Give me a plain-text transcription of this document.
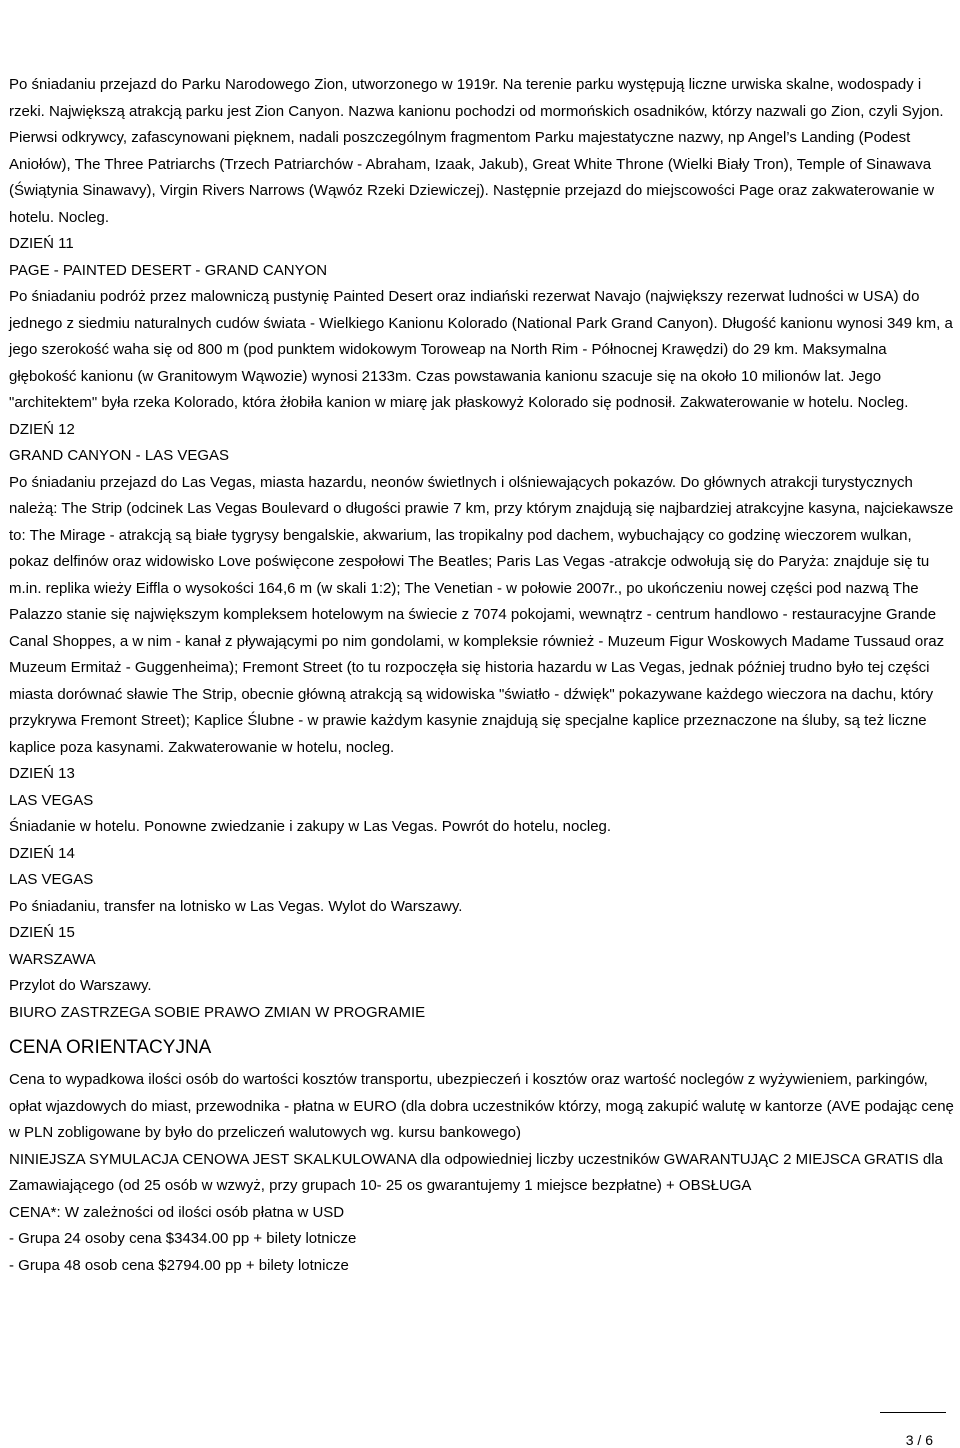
Po śniadaniu przejazd do Parku Narodowego Zion, utworzonego w 1919r. Na terenie parku występują liczne urwiska skalne, wodospady i rzeki. Największą atrakcją parku jest Zion Canyon. Nazwa kanionu pochodzi od mormońskich osadników, którzy nazwali go Zion, czyli Syjon. Pierwsi odkrywcy, zafascynowani pięknem, nadali poszczególnym fragmentom Parku majestatyczne nazwy, np Angel’s Landing (Podest Aniołów), The Three Patriarchs (Trzech Patriarchów - Abraham, Izaak, Jakub), Great White Throne (Wielki Biały Tron), Temple of Sinawava (Świątynia Sinawavy), Virgin Rivers Narrows (Wąwóz Rzeki Dziewiczej). Następnie przejazd do miejscowości Page oraz zakwaterowanie w hotelu. Nocleg.

DZIEŃ 11

PAGE - PAINTED DESERT - GRAND CANYON

Po śniadaniu podróż przez malowniczą pustynię Painted Desert oraz indiański rezerwat Navajo (największy rezerwat ludności w USA) do jednego z siedmiu naturalnych cudów świata - Wielkiego Kanionu Kolorado (National Park Grand Canyon). Długość kanionu wynosi 349 km, a jego szerokość waha się od 800 m (pod punktem widokowym Toroweap na North Rim - Północnej Krawędzi) do 29 km. Maksymalna głębokość kanionu (w Granitowym Wąwozie) wynosi 2133m. Czas powstawania kanionu szacuje się na około 10 milionów lat. Jego "architektem" była rzeka Kolorado, która żłobiła kanion w miarę jak płaskowyż Kolorado się podnosił. Zakwaterowanie w hotelu. Nocleg.

DZIEŃ 12

GRAND CANYON - LAS VEGAS

Po śniadaniu przejazd do Las Vegas, miasta hazardu, neonów świetlnych i olśniewających pokazów. Do głównych atrakcji turystycznych należą: The Strip (odcinek Las Vegas Boulevard o długości prawie 7 km, przy którym znajdują się najbardziej atrakcyjne kasyna, najciekawsze to: The Mirage - atrakcją są białe tygrysy bengalskie, akwarium, las tropikalny pod dachem, wybuchający co godzinę wieczorem wulkan, pokaz delfinów oraz widowisko Love poświęcone zespołowi The Beatles; Paris Las Vegas -atrakcje odwołują się do Paryża: znajduje się tu m.in. replika wieży Eiffla o wysokości 164,6 m (w skali 1:2); The Venetian - w połowie 2007r., po ukończeniu nowej części pod nazwą The Palazzo stanie się największym kompleksem hotelowym na świecie z 7074 pokojami, wewnątrz - centrum handlowo - restauracyjne Grande Canal Shoppes, a w nim - kanał z pływającymi po nim gondolami, w kompleksie również - Muzeum Figur Woskowych Madame Tussaud oraz Muzeum Ermitaż - Guggenheima); Fremont Street (to tu rozpoczęła się historia hazardu w Las Vegas, jednak później trudno było tej części miasta dorównać sławie The Strip, obecnie główną atrakcją są widowiska "światło - dźwięk" pokazywane każdego wieczora na dachu, który przykrywa Fremont Street); Kaplice Ślubne - w prawie każdym kasynie znajdują się specjalne kaplice przeznaczone na śluby, są też liczne kaplice poza kasynami. Zakwaterowanie w hotelu, nocleg.

DZIEŃ 13

LAS VEGAS

Śniadanie w hotelu. Ponowne zwiedzanie i zakupy w Las Vegas. Powrót do hotelu, nocleg.

DZIEŃ 14

LAS VEGAS

Po śniadaniu, transfer na lotnisko w Las Vegas. Wylot do Warszawy.

DZIEŃ 15

WARSZAWA

Przylot do Warszawy.

BIURO ZASTRZEGA SOBIE PRAWO ZMIAN W PROGRAMIE

CENA ORIENTACYJNA

Cena to wypadkowa ilości osób do wartości kosztów transportu, ubezpieczeń i kosztów oraz wartość noclegów z wyżywieniem, parkingów, opłat wjazdowych do miast, przewodnika - płatna w EURO (dla dobra uczestników którzy, mogą zakupić walutę w kantorze (AVE podając cenę w PLN zobligowane by było do przeliczeń walutowych wg. kursu bankowego)

NINIEJSZA SYMULACJA CENOWA JEST SKALKULOWANA dla odpowiedniej liczby uczestników GWARANTUJĄC 2 MIEJSCA GRATIS dla Zamawiającego (od 25 osób w wzwyż, przy grupach 10- 25 os gwarantujemy 1 miejsce bezpłatne) + OBSŁUGA

CENA*: W zależności od ilości osób płatna w USD

- Grupa 24 osoby cena $3434.00 pp + bilety lotnicze

- Grupa 48 osob cena $2794.00 pp + bilety lotnicze

3 / 6
